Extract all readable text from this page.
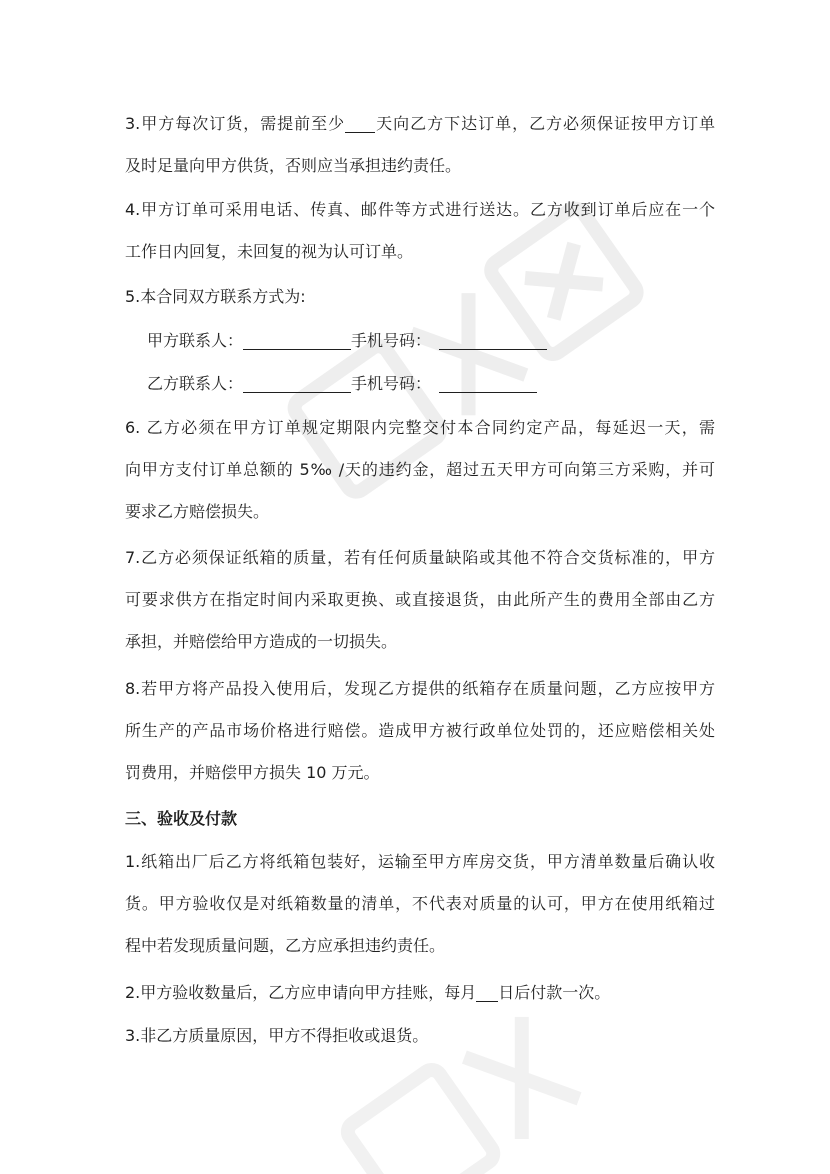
3.甲方每次订货，需提前至少 天向乙方下达订单，乙方必须保证按甲方订单
及时足量向甲方供货，否则应当承担违约责任。
4.甲方订单可采用电话、传真、邮件等方式进行送达。乙方收到订单后应在一个
工作日内回复，未回复的视为认可订单。
5.本合同双方联系方式为:
甲方联系人：	手机号码：
乙方联系人：	手机号码：
6. 乙方必须在甲方订单规定期限内完整交付本合同约定产品，每延迟一天，需
向甲方支付订单总额的 5‰ /天的违约金，超过五天甲方可向第三方采购，并可
要求乙方赔偿损失。
7.乙方必须保证纸箱的质量，若有任何质量缺陷或其他不符合交货标准的，甲方
可要求供方在指定时间内采取更换、或直接退货，由此所产生的费用全部由乙方
承担，并赔偿给甲方造成的一切损失。
8.若甲方将产品投入使用后，发现乙方提供的纸箱存在质量问题，乙方应按甲方
所生产的产品市场价格进行赔偿。造成甲方被行政单位处罚的，还应赔偿相关处
罚费用，并赔偿甲方损失 10 万元。
三、验收及付款
1.纸箱出厂后乙方将纸箱包装好，运输至甲方库房交货，甲方清单数量后确认收
货。甲方验收仅是对纸箱数量的清单，不代表对质量的认可，甲方在使用纸箱过
程中若发现质量问题，乙方应承担违约责任。
2.甲方验收数量后，乙方应申请向甲方挂账，每月 日后付款一次。
3.非乙方质量原因，甲方不得拒收或退货。
